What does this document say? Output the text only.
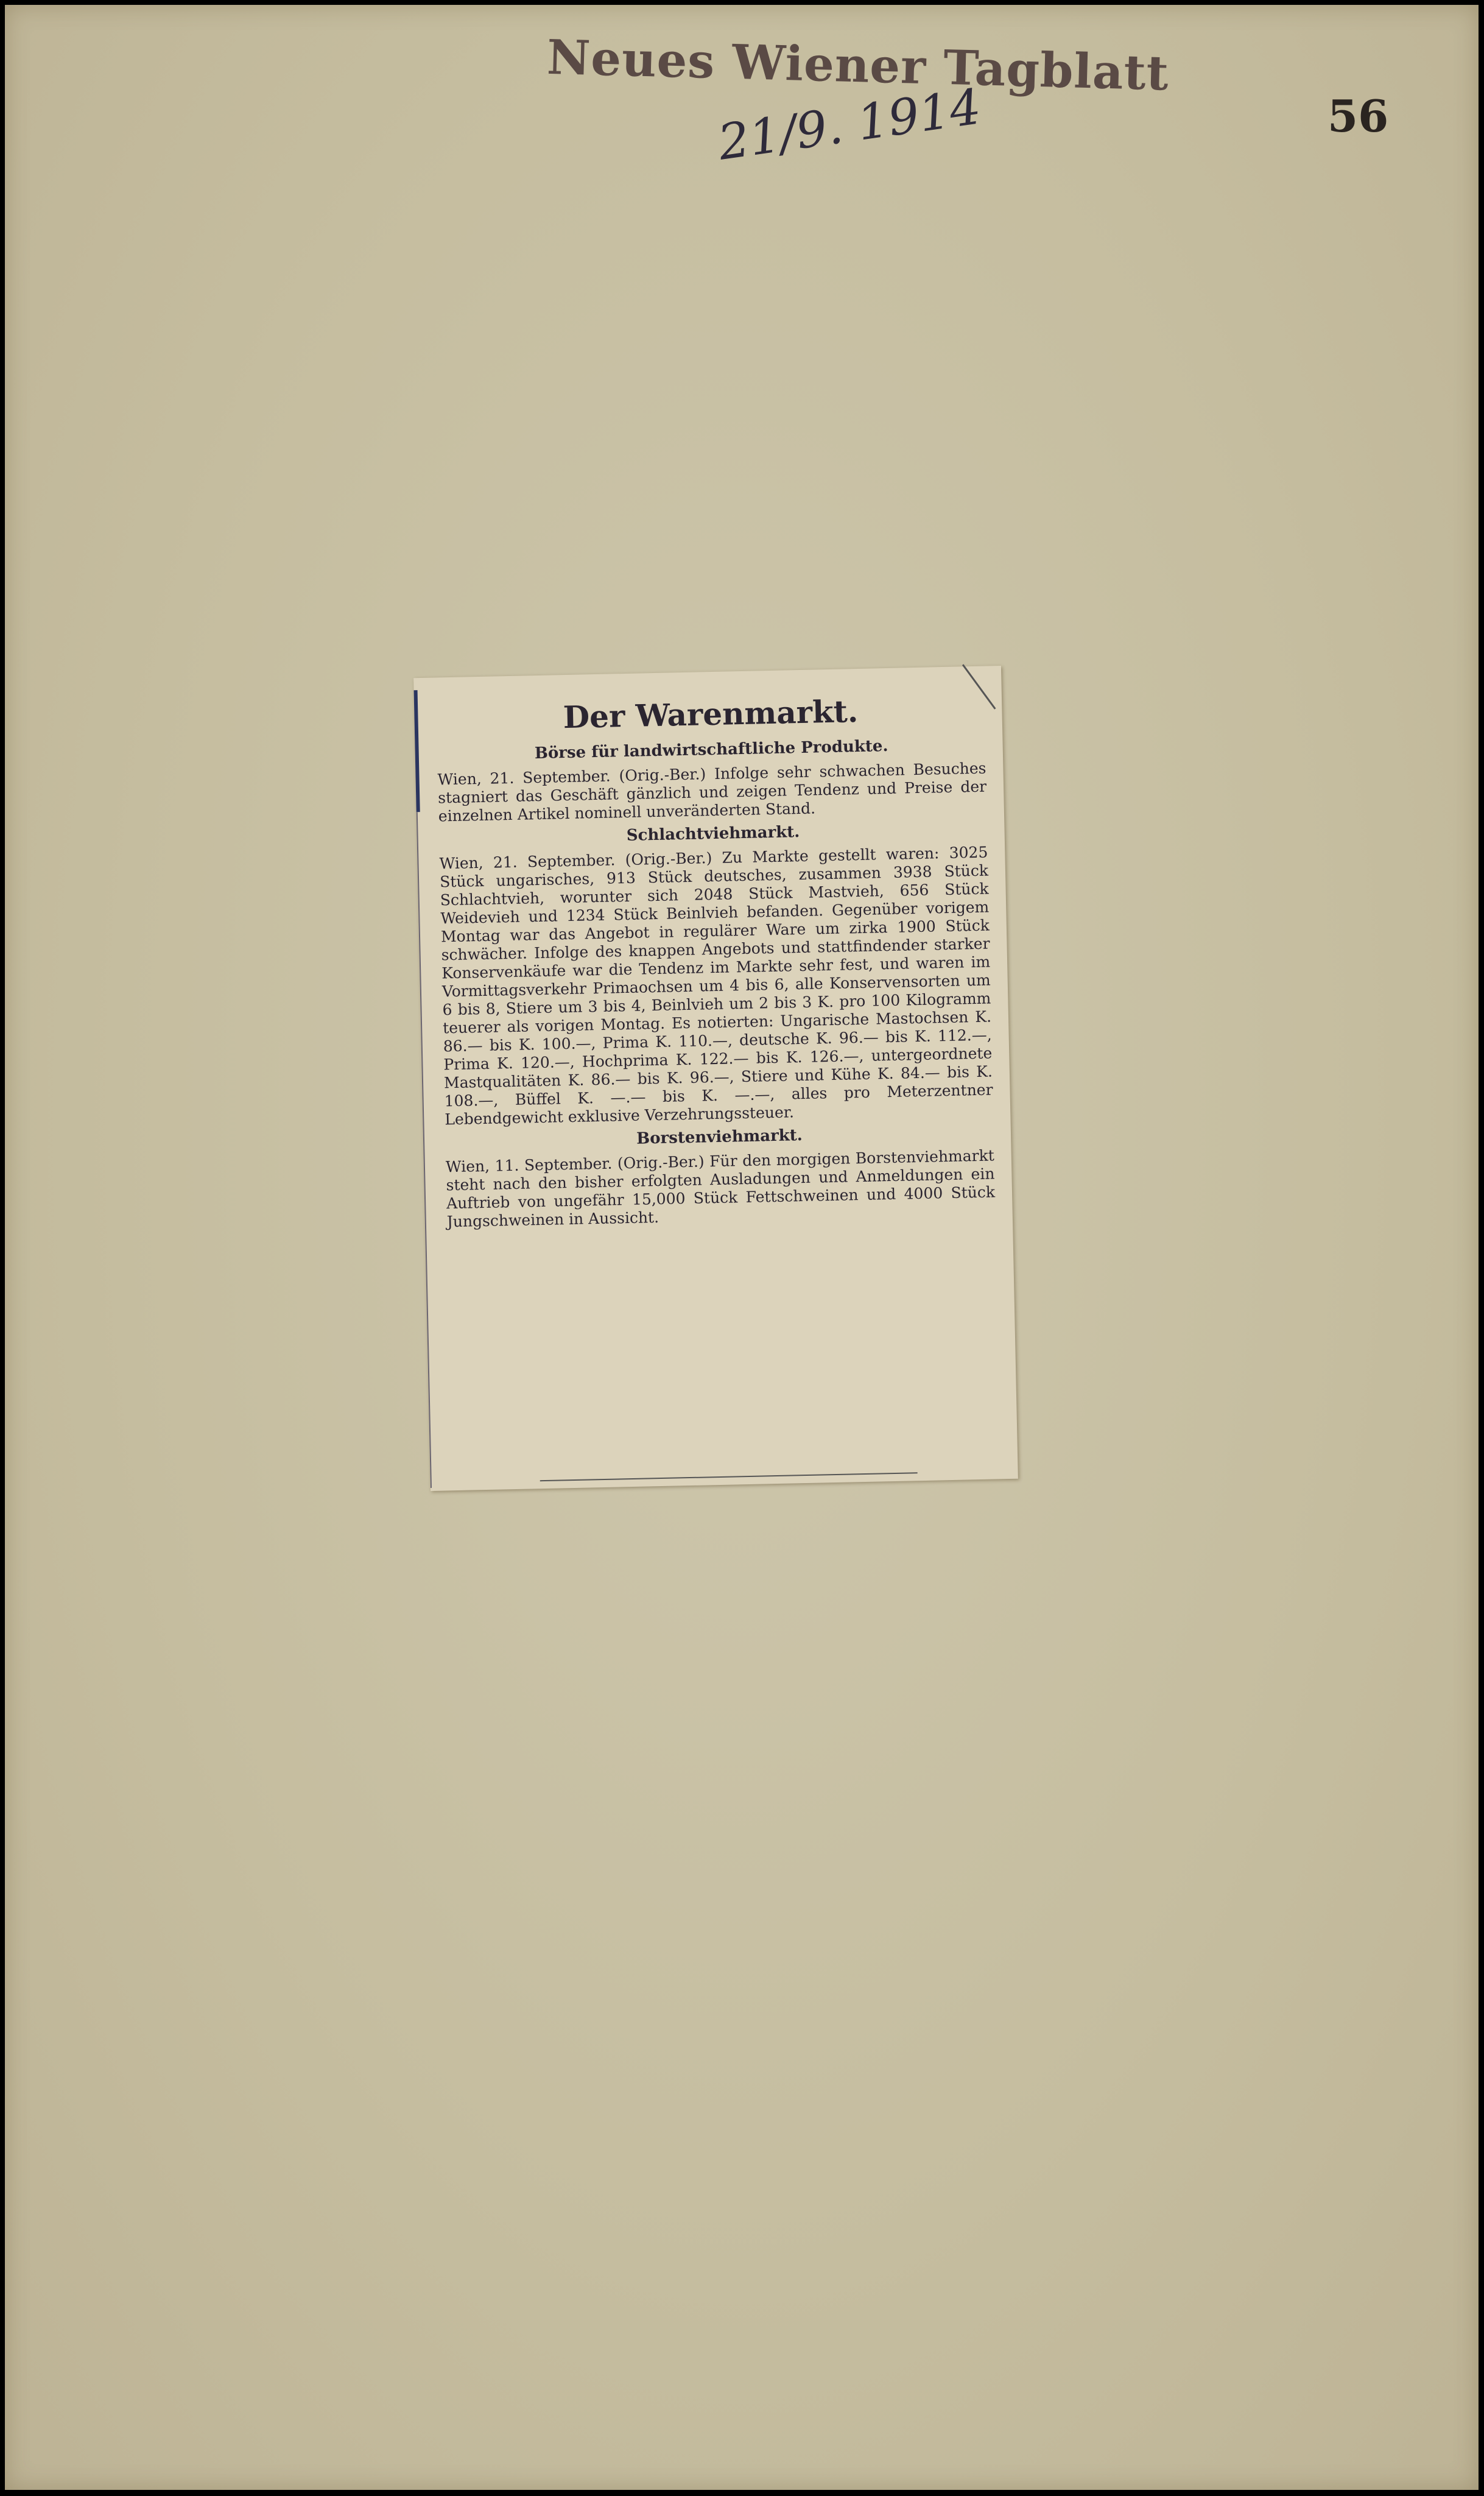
Neues Wiener Tagblatt
21/9. 1914	56
Der Warenmarkt.
Börse für landwirtschaftliche Produkte.

Wien, 21. September. (Orig.-Ber.) Infolge sehr schwachen Besuches stagniert das Geschäft gänzlich und zeigen Tendenz und Preise der einzelnen Artikel nominell unveränderten Stand.

Schlachtviehmarkt.

Wien, 21. September. (Orig.-Ber.) Zu Markte gestellt waren: 3025 Stück ungarisches, 913 Stück deutsches, zusammen 3938 Stück Schlachtvieh, worunter sich 2048 Stück Mastvieh, 656 Stück Weidevieh und 1234 Stück Beinlvieh befanden. Gegenüber vorigem Montag war das Angebot in regulärer Ware um zirka 1900 Stück schwächer. Infolge des knappen Angebots und stattfindender starker Konservenkäufe war die Tendenz im Markte sehr fest, und waren im Vormittagsverkehr Primaochsen um 4 bis 6, alle Konservensorten um 6 bis 8, Stiere um 3 bis 4, Beinlvieh um 2 bis 3 K. pro 100 Kilogramm teuerer als vorigen Montag. Es notierten: Ungarische Mastochsen K. 86.— bis K. 100.—, Prima K. 110.—, deutsche K. 96.— bis K. 112.—, Prima K. 120.—, Hochprima K. 122.— bis K. 126.—, untergeordnete Mastqualitäten K. 86.— bis K. 96.—, Stiere und Kühe K. 84.— bis K. 108.—, Büffel K. —.— bis K. —.—, alles pro Meterzentner Lebendgewicht exklusive Verzehrungssteuer.

Borstenviehmarkt.

Wien, 11. September. (Orig.-Ber.) Für den morgigen Borstenviehmarkt steht nach den bisher erfolgten Ausladungen und Anmeldungen ein Auftrieb von ungefähr 15,000 Stück Fettschweinen und 4000 Stück Jungschweinen in Aussicht.
